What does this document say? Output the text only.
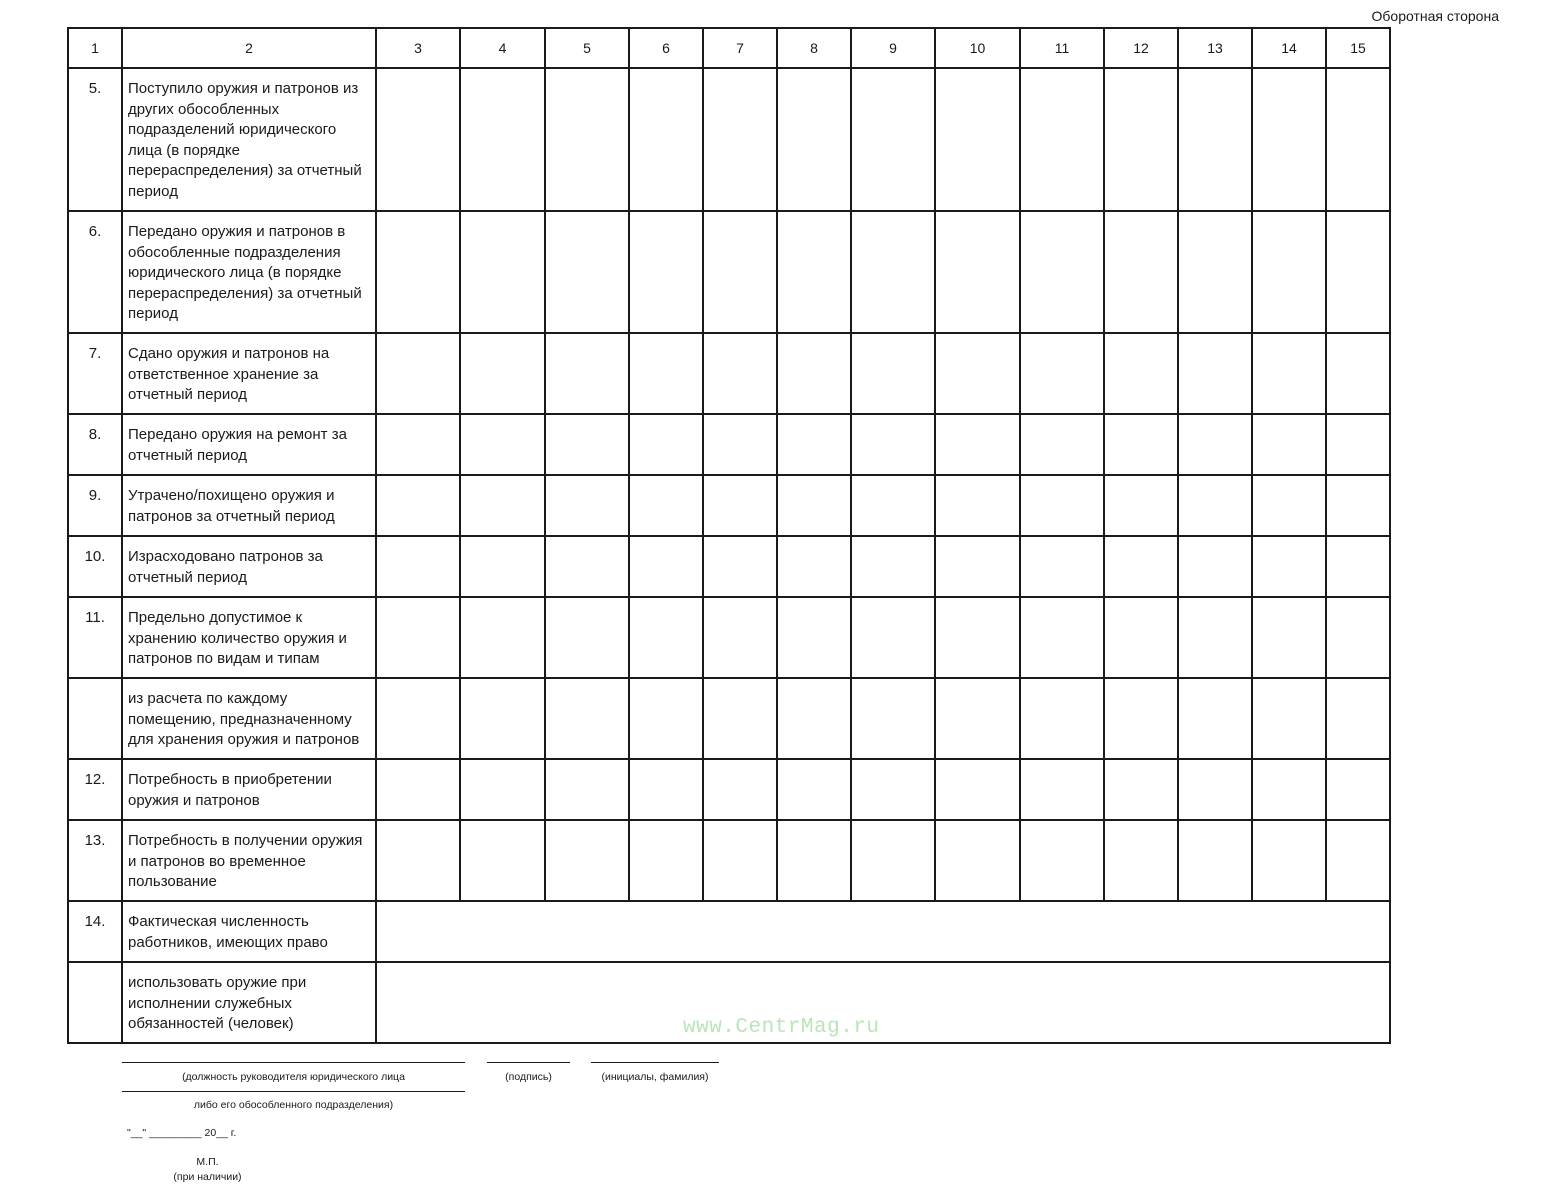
Оборотная сторона
1	2	3	4	5	6	7	8	9	10	11	12	13	14	15
5.	Поступило оружия и патронов из других обособленных подразделений юридического лица (в порядке перераспределения) за отчетный период													
6.	Передано оружия и патронов в обособленные подразделения юридического лица (в порядке перераспределения) за отчетный период													
7.	Сдано оружия и патронов на ответственное хранение за отчетный период													
8.	Передано оружия на ремонт за отчетный период													
9.	Утрачено/похищено оружия и патронов за отчетный период													
10.	Израсходовано патронов за отчетный период													
11.	Предельно допустимое к хранению количество оружия и патронов по видам и типам													
	из расчета по каждому помещению, предназначенному для хранения оружия и патронов													
12.	Потребность в приобретении оружия и патронов													
13.	Потребность в получении оружия и патронов во временное пользование													
14.	Фактическая численность работников, имеющих право													
	использовать оружие при исполнении служебных обязанностей (человек)														www.CentrMag.ru
(должность руководителя юридического лица
либо его обособленного подразделения)
(подпись)	(инициалы, фамилия)
"__" _________ 20__ г.
М.П.
(при наличии)
